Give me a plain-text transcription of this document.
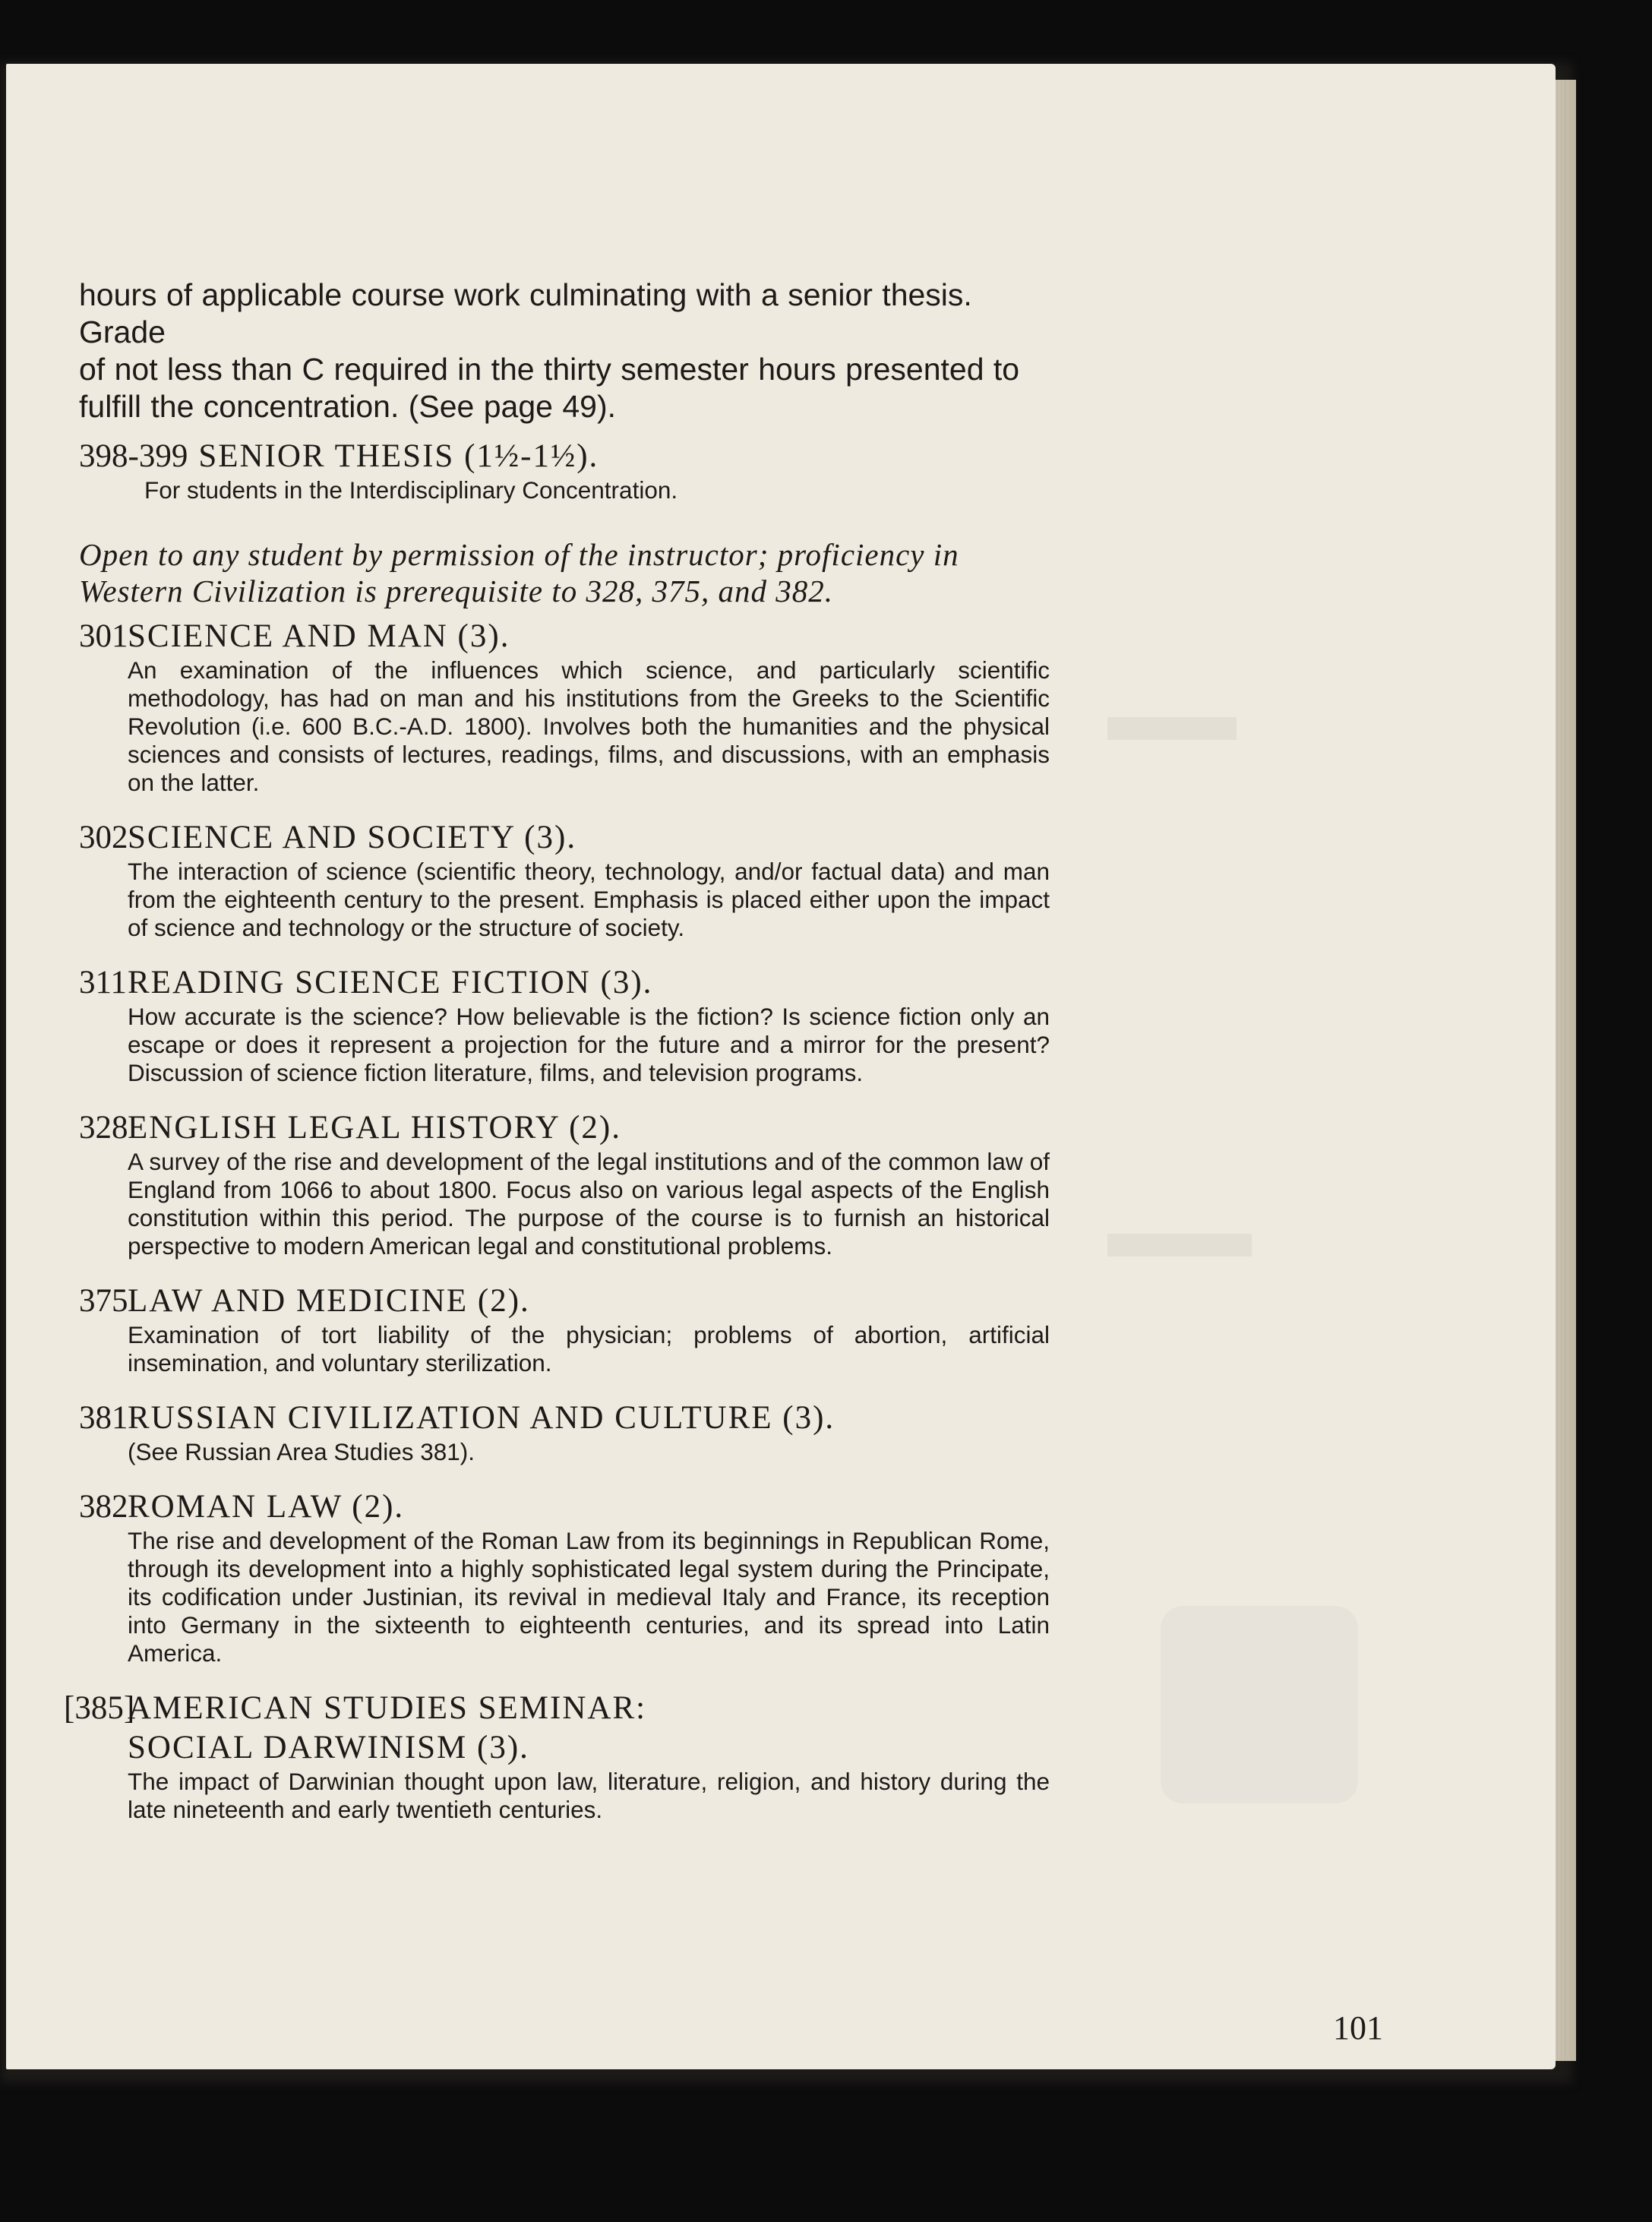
hours of applicable course work culminating with a senior thesis. Grade
of not less than C required in the thirty semester hours presented to
fulfill the concentration. (See page 49).

398-399 SENIOR THESIS (1½-1½).

For students in the Interdisciplinary Concentration.

Open to any student by permission of the instructor; proficiency in
Western Civilization is prerequisite to 328, 375, and 382.

301 SCIENCE AND MAN (3).

An examination of the influences which science, and particularly scientific methodology, has had on man and his institutions from the Greeks to the Scientific Revolution (i.e. 600 B.C.-A.D. 1800). Involves both the humanities and the physical sciences and consists of lectures, readings, films, and discussions, with an emphasis on the latter.

302 SCIENCE AND SOCIETY (3).

The interaction of science (scientific theory, technology, and/or factual data) and man from the eighteenth century to the present. Emphasis is placed either upon the impact of science and technology or the structure of society.

311 READING SCIENCE FICTION (3).

How accurate is the science? How believable is the fiction? Is science fiction only an escape or does it represent a projection for the future and a mirror for the present? Discussion of science fiction literature, films, and television programs.

328 ENGLISH LEGAL HISTORY (2).

A survey of the rise and development of the legal institutions and of the common law of England from 1066 to about 1800. Focus also on various legal aspects of the English constitution within this period. The purpose of the course is to furnish an historical perspective to modern American legal and constitutional problems.

375 LAW AND MEDICINE (2).

Examination of tort liability of the physician; problems of abortion, artificial insemination, and voluntary sterilization.

381 RUSSIAN CIVILIZATION AND CULTURE (3).

(See Russian Area Studies 381).

382 ROMAN LAW (2).

The rise and development of the Roman Law from its beginnings in Republican Rome, through its development into a highly sophisticated legal system during the Principate, its codification under Justinian, its revival in medieval Italy and France, its reception into Germany in the sixteenth to eighteenth centuries, and its spread into Latin America.

[385]
AMERICAN STUDIES SEMINAR: SOCIAL DARWINISM (3).

The impact of Darwinian thought upon law, literature, religion, and history during the late nineteenth and early twentieth centuries.

101
